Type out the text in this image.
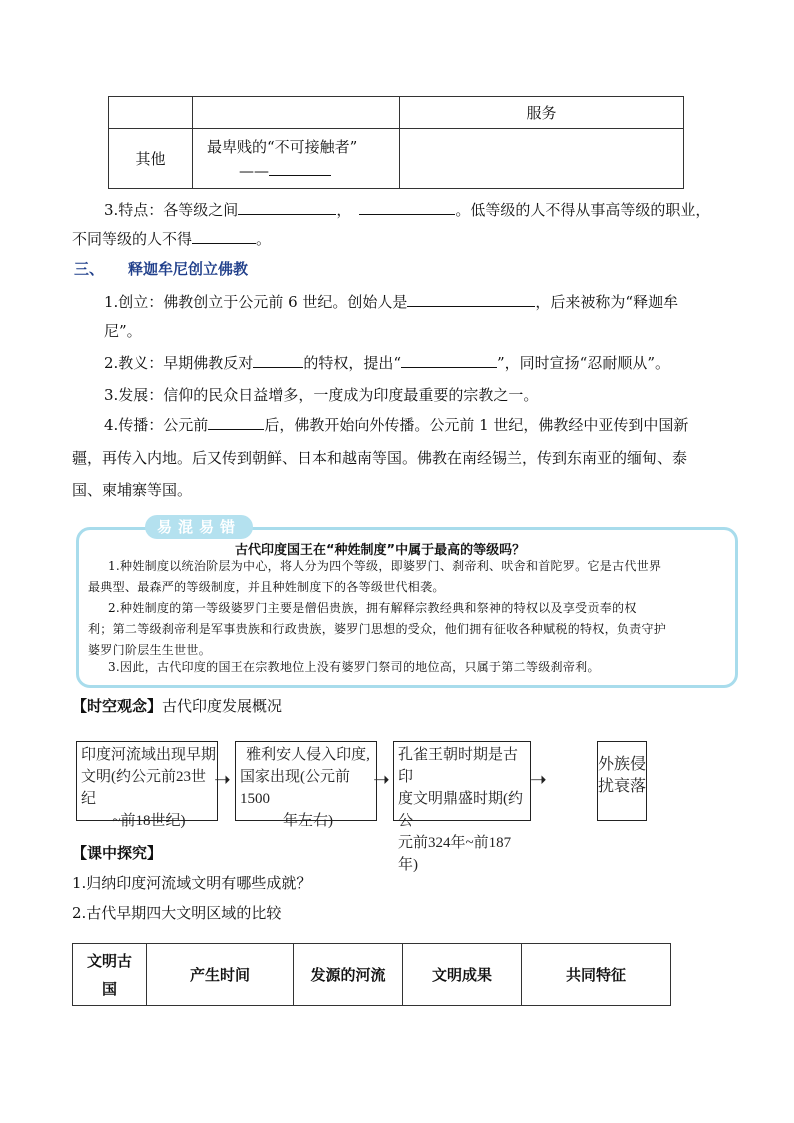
		服务
其他	最卑贱的“不可接触者”
——	

3.特点：各等级之间	，	。低等级的人不得从事高等级的职业，
不同等级的人不得	。
三、 释迦牟尼创立佛教
1.创立：佛教创立于公元前 6 世纪。创始人是	，后来被称为“释迦牟
尼”。
2.教义：早期佛教反对	的特权，提出“	”，同时宣扬“忍耐顺从”。
3.发展：信仰的民众日益增多，一度成为印度最重要的宗教之一。
4.传播：公元前	后，佛教开始向外传播。公元前 1 世纪，佛教经中亚传到中国新
疆，再传入内地。后又传到朝鲜、日本和越南等国。佛教在南经锡兰，传到东南亚的缅甸、泰
国、柬埔寨等国。
易混易错
古代印度国王在“种姓制度”中属于最高的等级吗？
1.种姓制度以统治阶层为中心，将人分为四个等级，即婆罗门、刹帝利、吠舍和首陀罗。它是古代世界
最典型、最森严的等级制度，并且种姓制度下的各等级世代相袭。
2.种姓制度的第一等级婆罗门主要是僧侣贵族，拥有解释宗教经典和祭神的特权以及享受贡奉的权
利；第二等级刹帝利是军事贵族和行政贵族，婆罗门思想的受众，他们拥有征收各种赋税的特权，负责守护
婆罗门阶层生生世世。
3.因此，古代印度的国王在宗教地位上没有婆罗门祭司的地位高，只属于第二等级刹帝利。
【时空观念】古代印度发展概况
印度河流域出现早期
文明(约公元前23世纪
~前18世纪)
➝
雅利安人侵入印度,
国家出现(公元前1500
年左右)
➝
孔雀王朝时期是古印
度文明鼎盛时期(约公
元前324年~前187年)
➝
外族侵
扰衰落
【课中探究】
1.归纳印度河流域文明有哪些成就？
2.古代早期四大文明区域的比较
文明古
国
	产生时间	发源的河流	文明成果	共同特征
